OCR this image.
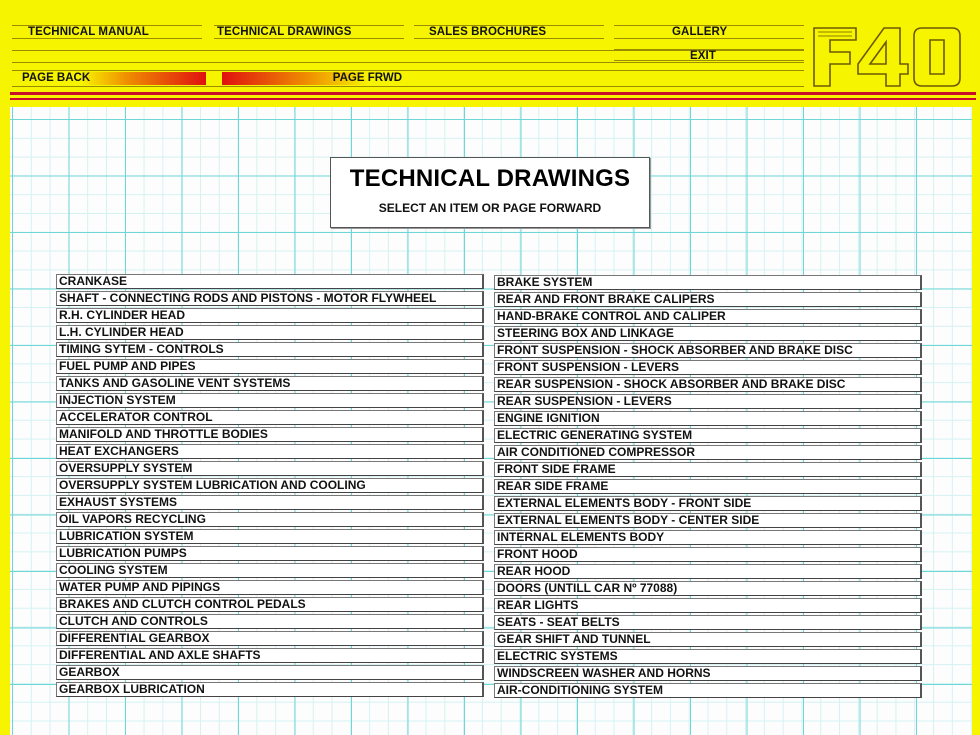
TECHNICAL MANUAL	TECHNICAL DRAWINGS	SALES BROCHURES	GALLERY
EXIT
PAGE BACK	PAGE FRWD
TECHNICAL DRAWINGS
SELECT AN ITEM OR PAGE FORWARD
CRANKASE
SHAFT - CONNECTING RODS AND PISTONS - MOTOR FLYWHEEL
R.H. CYLINDER HEAD
L.H. CYLINDER HEAD
TIMING SYTEM - CONTROLS
FUEL PUMP AND PIPES
TANKS AND GASOLINE VENT SYSTEMS
INJECTION SYSTEM
ACCELERATOR CONTROL
MANIFOLD AND THROTTLE BODIES
HEAT EXCHANGERS
OVERSUPPLY SYSTEM
OVERSUPPLY SYSTEM LUBRICATION AND COOLING
EXHAUST SYSTEMS
OIL VAPORS RECYCLING
LUBRICATION SYSTEM
LUBRICATION PUMPS
COOLING SYSTEM
WATER PUMP AND PIPINGS
BRAKES AND CLUTCH CONTROL PEDALS
CLUTCH AND CONTROLS
DIFFERENTIAL GEARBOX
DIFFERENTIAL AND AXLE SHAFTS
GEARBOX
GEARBOX LUBRICATION
BRAKE SYSTEM
REAR AND FRONT BRAKE CALIPERS
HAND-BRAKE CONTROL AND CALIPER
STEERING BOX AND LINKAGE
FRONT SUSPENSION - SHOCK ABSORBER AND BRAKE DISC
FRONT SUSPENSION - LEVERS
REAR SUSPENSION - SHOCK ABSORBER AND BRAKE DISC
REAR SUSPENSION - LEVERS
ENGINE IGNITION
ELECTRIC GENERATING SYSTEM
AIR CONDITIONED COMPRESSOR
FRONT SIDE FRAME
REAR SIDE FRAME
EXTERNAL ELEMENTS BODY - FRONT SIDE
EXTERNAL ELEMENTS BODY - CENTER SIDE
INTERNAL ELEMENTS BODY
FRONT HOOD
REAR HOOD
DOORS (UNTILL CAR Nº 77088)
REAR LIGHTS
SEATS - SEAT BELTS
GEAR SHIFT AND TUNNEL
ELECTRIC SYSTEMS
WINDSCREEN WASHER AND HORNS
AIR-CONDITIONING SYSTEM
